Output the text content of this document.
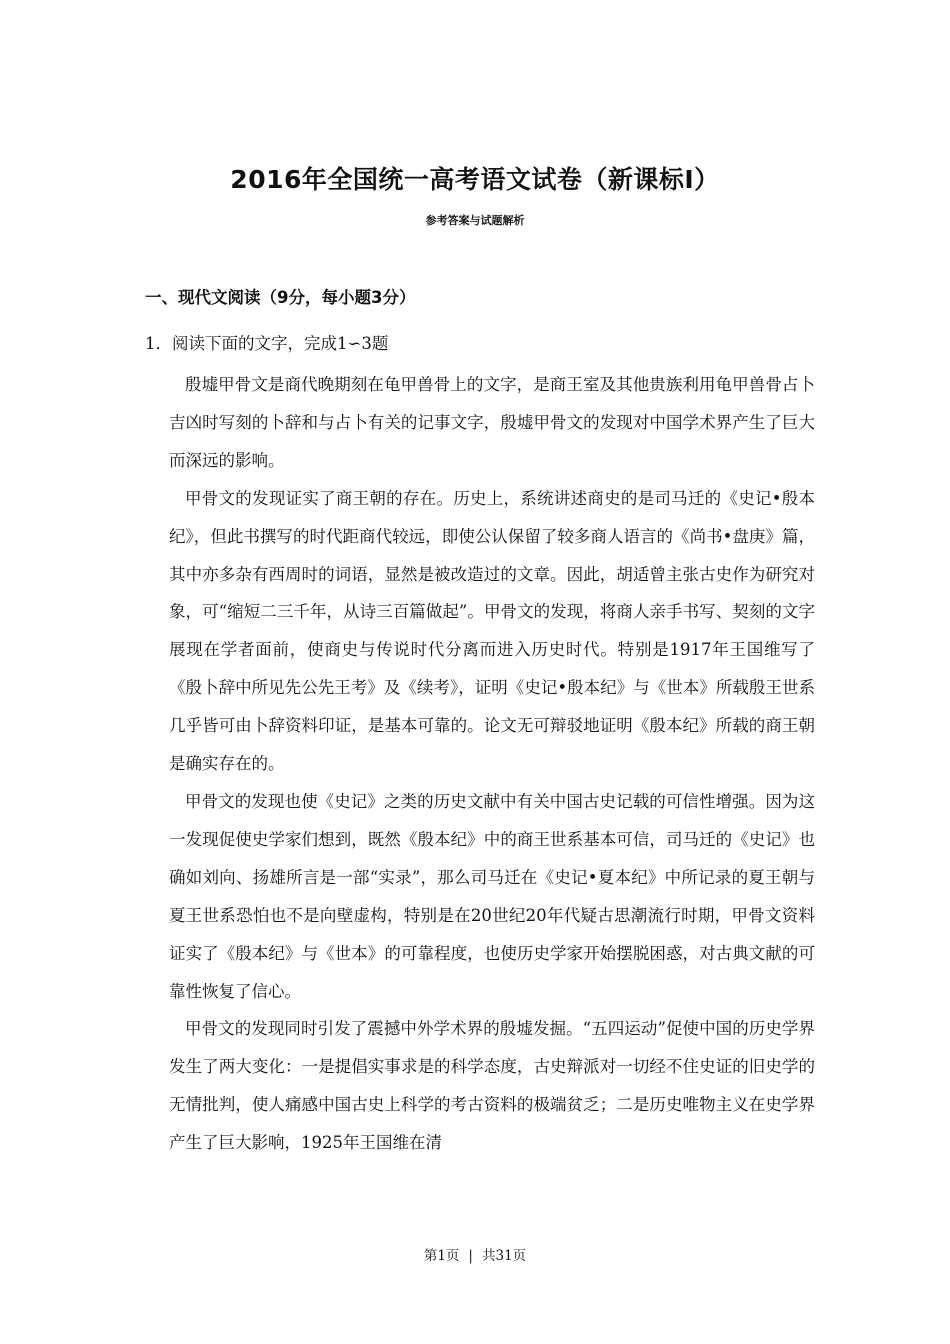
2016年全国统一高考语文试卷（新课标Ⅰ）
参考答案与试题解析
一、现代文阅读（9分，每小题3分）
1．阅读下面的文字，完成1∽3题

殷墟甲骨文是商代晚期刻在龟甲兽骨上的文字，是商王室及其他贵族利用龟甲兽骨占卜吉凶时写刻的卜辞和与占卜有关的记事文字，殷墟甲骨文的发现对中国学术界产生了巨大而深远的影响。

甲骨文的发现证实了商王朝的存在。历史上，系统讲述商史的是司马迁的《史记•殷本纪》，但此书撰写的时代距商代较远，即使公认保留了较多商人语言的《尚书•盘庚》篇，其中亦多杂有西周时的词语，显然是被改造过的文章。因此，胡适曾主张古史作为研究对象，可“缩短二三千年，从诗三百篇做起”。甲骨文的发现，将商人亲手书写、契刻的文字展现在学者面前，使商史与传说时代分离而进入历史时代。特别是1917年王国维写了《殷卜辞中所见先公先王考》及《续考》，证明《史记•殷本纪》与《世本》所载殷王世系几乎皆可由卜辞资料印证，是基本可靠的。论文无可辩驳地证明《殷本纪》所载的商王朝是确实存在的。

甲骨文的发现也使《史记》之类的历史文献中有关中国古史记载的可信性增强。因为这一发现促使史学家们想到，既然《殷本纪》中的商王世系基本可信，司马迁的《史记》也确如刘向、扬雄所言是一部“实录”，那么司马迁在《史记•夏本纪》中所记录的夏王朝与夏王世系恐怕也不是向壁虚构，特别是在20世纪20年代疑古思潮流行时期，甲骨文资料证实了《殷本纪》与《世本》的可靠程度，也使历史学家开始摆脱困惑，对古典文献的可靠性恢复了信心。

甲骨文的发现同时引发了震撼中外学术界的殷墟发掘。“五四运动”促使中国的历史学界发生了两大变化：一是提倡实事求是的科学态度，古史辩派对一切经不住史证的旧史学的无情批判，使人痛感中国古史上科学的考古资料的极端贫乏；二是历史唯物主义在史学界产生了巨大影响，1925年王国维在清

第1页 | 共31页
